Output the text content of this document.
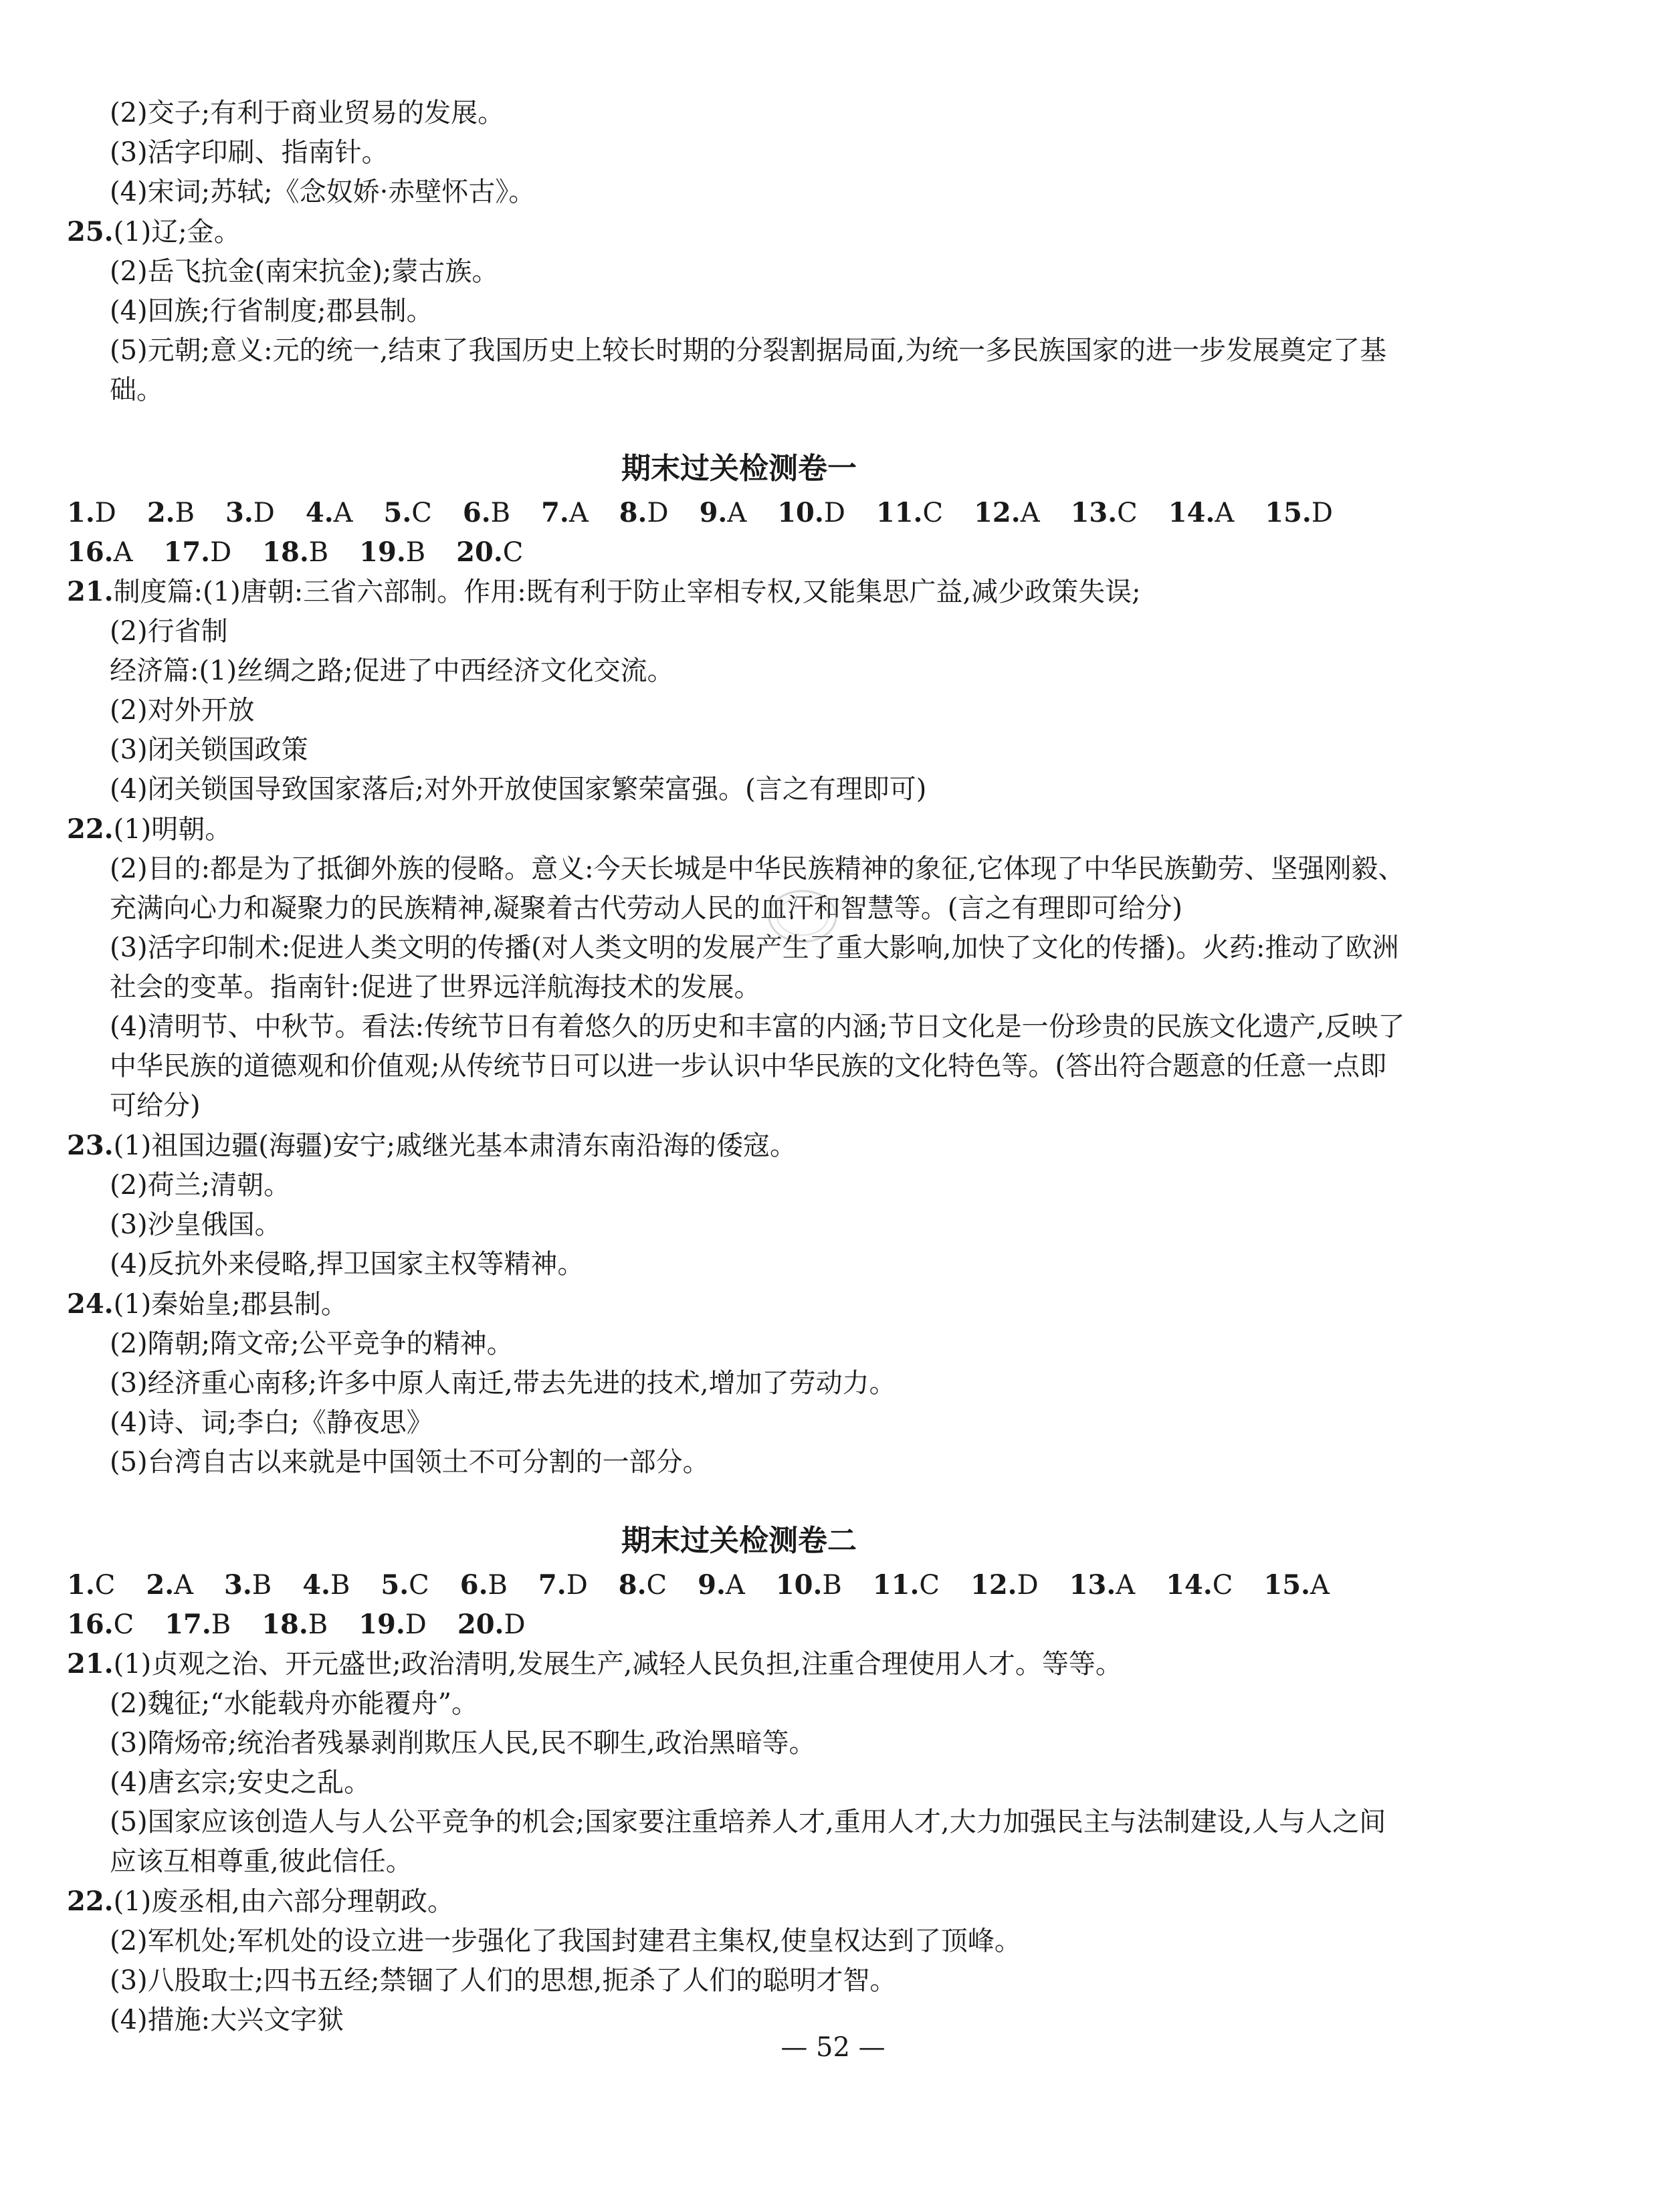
(2)交子;有利于商业贸易的发展。
(3)活字印刷、指南针。
(4)宋词;苏轼;《念奴娇·赤壁怀古》。
25.(1)辽;金。
(2)岳飞抗金(南宋抗金);蒙古族。
(4)回族;行省制度;郡县制。
(5)元朝;意义:元的统一,结束了我国历史上较长时期的分裂割据局面,为统一多民族国家的进一步发展奠定了基础。
期末过关检测卷一
1.D 2.B 3.D 4.A 5.C 6.B 7.A 8.D 9.A 10.D 11.C 12.A 13.C 14.A 15.D
16.A 17.D 18.B 19.B 20.C
21.制度篇:(1)唐朝:三省六部制。作用:既有利于防止宰相专权,又能集思广益,减少政策失误;
(2)行省制
经济篇:(1)丝绸之路;促进了中西经济文化交流。
(2)对外开放
(3)闭关锁国政策
(4)闭关锁国导致国家落后;对外开放使国家繁荣富强。(言之有理即可)
22.(1)明朝。
(2)目的:都是为了抵御外族的侵略。意义:今天长城是中华民族精神的象征,它体现了中华民族勤劳、坚强刚毅、充满向心力和凝聚力的民族精神,凝聚着古代劳动人民的血汗和智慧等。(言之有理即可给分)
(3)活字印制术:促进人类文明的传播(对人类文明的发展产生了重大影响,加快了文化的传播)。火药:推动了欧洲社会的变革。指南针:促进了世界远洋航海技术的发展。
(4)清明节、中秋节。看法:传统节日有着悠久的历史和丰富的内涵;节日文化是一份珍贵的民族文化遗产,反映了中华民族的道德观和价值观;从传统节日可以进一步认识中华民族的文化特色等。(答出符合题意的任意一点即可给分)
23.(1)祖国边疆(海疆)安宁;戚继光基本肃清东南沿海的倭寇。
(2)荷兰;清朝。
(3)沙皇俄国。
(4)反抗外来侵略,捍卫国家主权等精神。
24.(1)秦始皇;郡县制。
(2)隋朝;隋文帝;公平竞争的精神。
(3)经济重心南移;许多中原人南迁,带去先进的技术,增加了劳动力。
(4)诗、词;李白;《静夜思》
(5)台湾自古以来就是中国领土不可分割的一部分。
期末过关检测卷二
1.C 2.A 3.B 4.B 5.C 6.B 7.D 8.C 9.A 10.B 11.C 12.D 13.A 14.C 15.A
16.C 17.B 18.B 19.D 20.D
21.(1)贞观之治、开元盛世;政治清明,发展生产,减轻人民负担,注重合理使用人才。等等。
(2)魏征;“水能载舟亦能覆舟”。
(3)隋炀帝;统治者残暴剥削欺压人民,民不聊生,政治黑暗等。
(4)唐玄宗;安史之乱。
(5)国家应该创造人与人公平竞争的机会;国家要注重培养人才,重用人才,大力加强民主与法制建设,人与人之间应该互相尊重,彼此信任。
22.(1)废丞相,由六部分理朝政。
(2)军机处;军机处的设立进一步强化了我国封建君主集权,使皇权达到了顶峰。
(3)八股取士;四书五经;禁锢了人们的思想,扼杀了人们的聪明才智。
(4)措施:大兴文字狱
— 52 —
